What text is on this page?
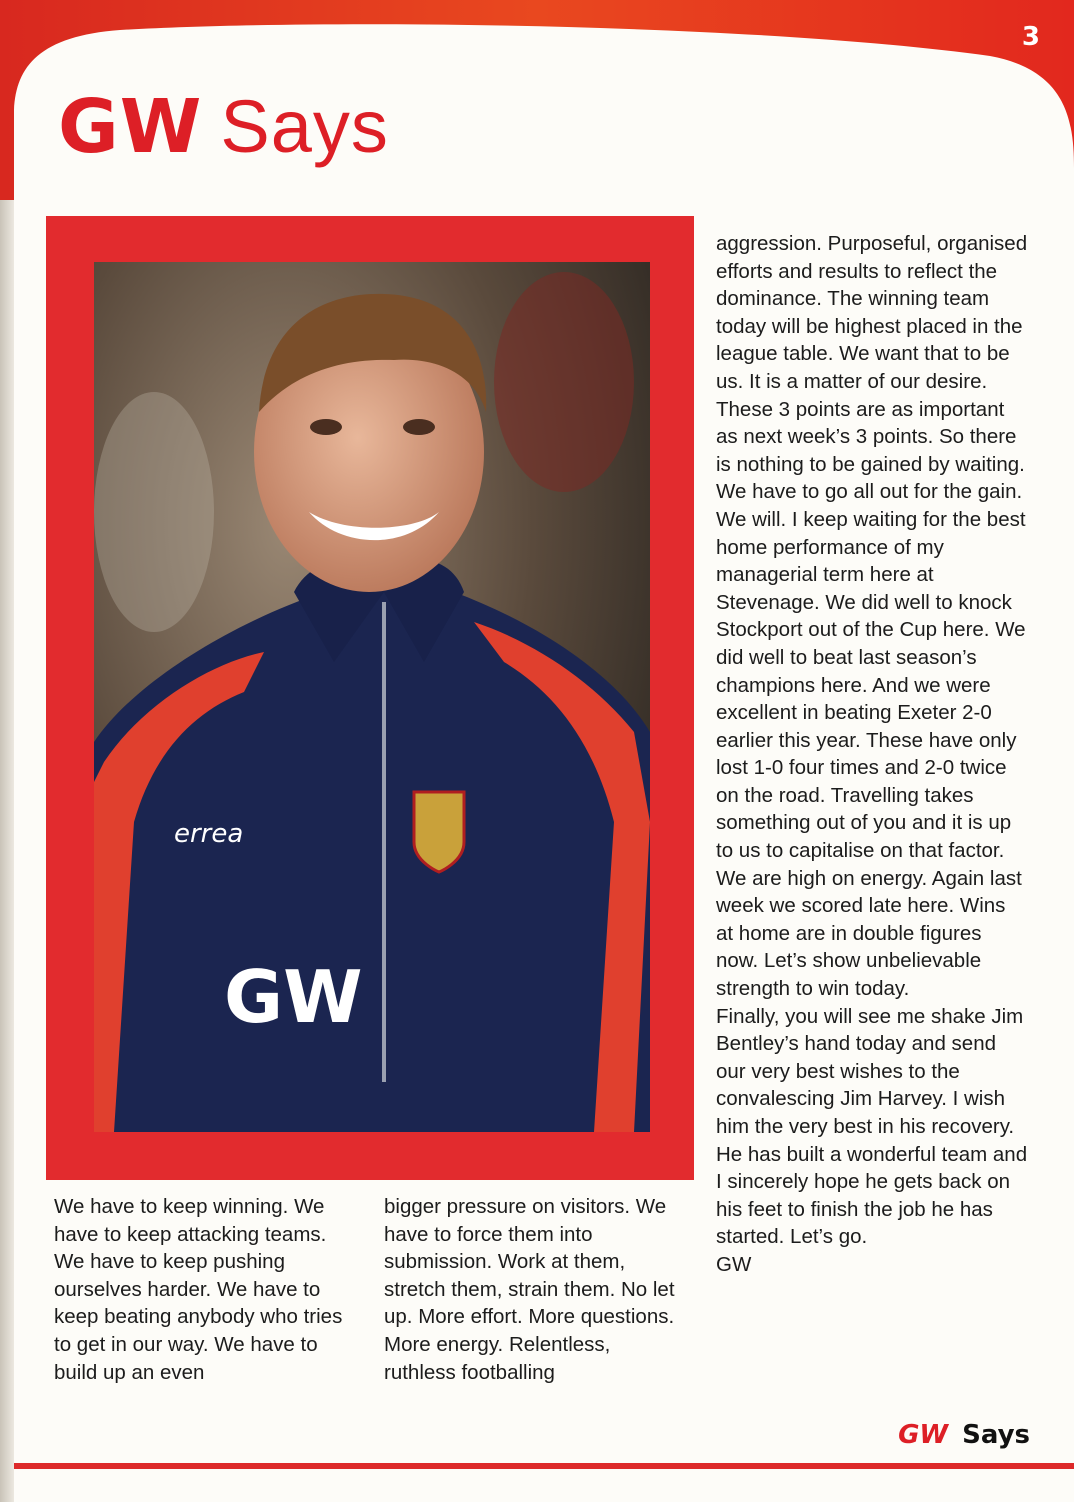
3
GW Says
errea
GW

We have to keep winning. We have to keep attacking teams. We have to keep pushing ourselves harder. We have to keep beating anybody who tries to get in our way. We have to build up an even

bigger pressure on visitors. We have to force them into submission. Work at them, stretch them, strain them. No let up. More effort. More questions. More energy. Relentless, ruthless footballing

aggression. Purposeful, organised efforts and results to reflect the dominance. The winning team today will be highest placed in the league table. We want that to be us. It is a matter of our desire. These 3 points are as important as next week’s 3 points. So there is nothing to be gained by waiting. We have to go all out for the gain. We will. I keep waiting for the best home performance of my managerial term here at Stevenage. We did well to knock Stockport out of the Cup here. We did well to beat last season’s champions here. And we were excellent in beating Exeter 2-0 earlier this year. These have only lost 1-0 four times and 2-0 twice on the road. Travelling takes something out of you and it is up to us to capitalise on that factor. We are high on energy. Again last week we scored late here. Wins at home are in double figures now. Let’s show unbelievable strength to win today.

Finally, you will see me shake Jim Bentley’s hand today and send our very best wishes to the convalescing Jim Harvey. I wish him the very best in his recovery. He has built a wonderful team and I sincerely hope he gets back on his feet to finish the job he has started. Let’s go.

GW

GW Says
